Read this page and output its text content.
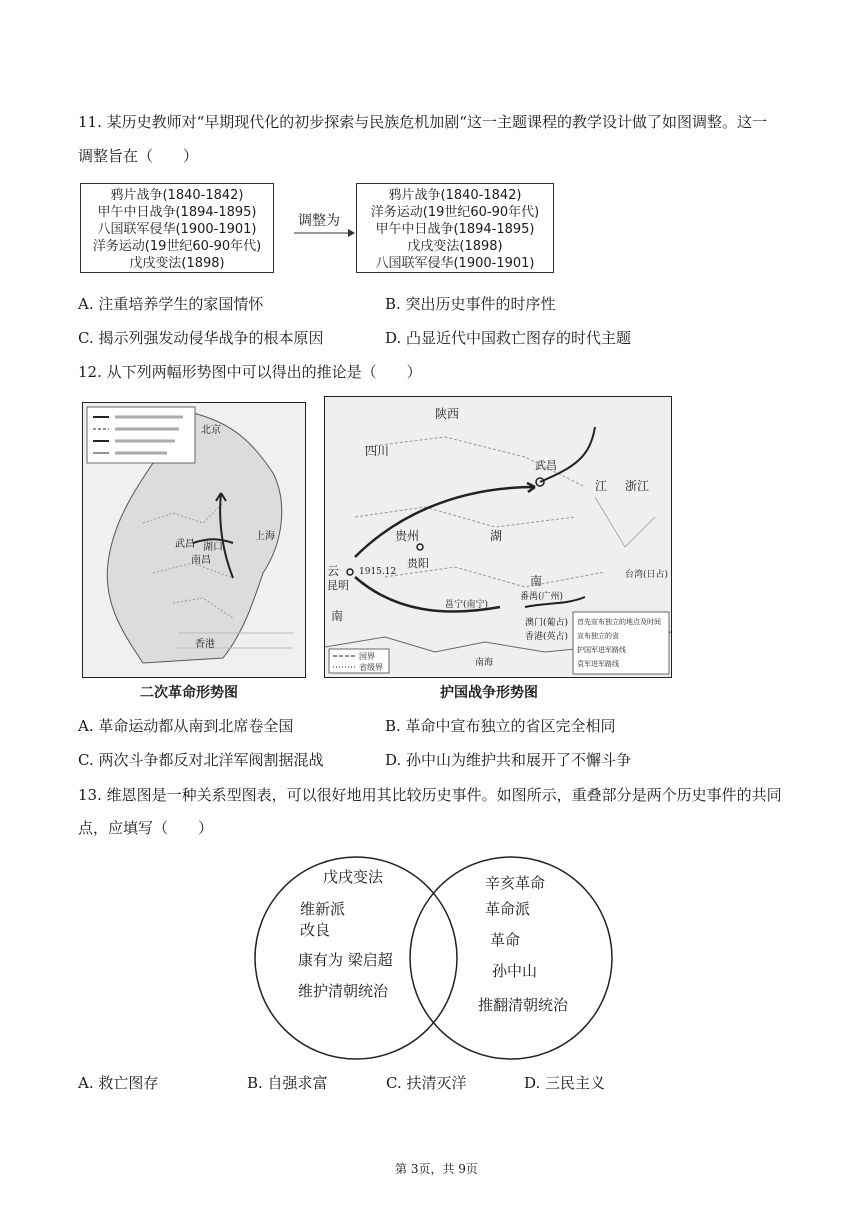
11. 某历史教师对“早期现代化的初步探索与民族危机加剧“这一主题课程的教学设计做了如图调整。这一
调整旨在（　　）
鸦片战争(1840-1842)
甲午中日战争(1894-1895)
八国联军侵华(1900-1901)
洋务运动(19世纪60-90年代)
戊戌变法(1898)
调整为
鸦片战争(1840-1842)
洋务运动(19世纪60-90年代)
甲午中日战争(1894-1895)
戊戌变法(1898)
八国联军侵华(1900-1901)
A. 注重培养学生的家国情怀	B. 突出历史事件的时序性
C. 揭示列强发动侵华战争的根本原因	D. 凸显近代中国救亡图存的时代主题
12. 从下列两幅形势图中可以得出的推论是（　　）
北京
上海
武昌
南昌
湖口
香港
二次革命形势图
陕西
四川
武昌
江 浙江
湖
南
贵州
贵阳
云
昆明
1915.12
南
邕宁(南宁)
番禺(广州)
台湾(日占)
澳门(葡占)
香港(英占)
南海
首先宣布独立的地点及时间
宣布独立的省
护国军进军路线
袁军进军路线
国界
省级界
护国战争形势图
A. 革命运动都从南到北席卷全国	B. 革命中宣布独立的省区完全相同
C. 两次斗争都反对北洋军阀割据混战	D. 孙中山为维护共和展开了不懈斗争
13. 维恩图是一种关系型图表，可以很好地用其比较历史事件。如图所示，重叠部分是两个历史事件的共同
点，应填写（　　）
戊戌变法
维新派
改良
康有为 梁启超
维护清朝统治
辛亥革命
革命派
革命
孙中山
推翻清朝统治
A. 救亡图存	B. 自强求富	C. 扶清灭洋	D. 三民主义
第 3页，共 9页
